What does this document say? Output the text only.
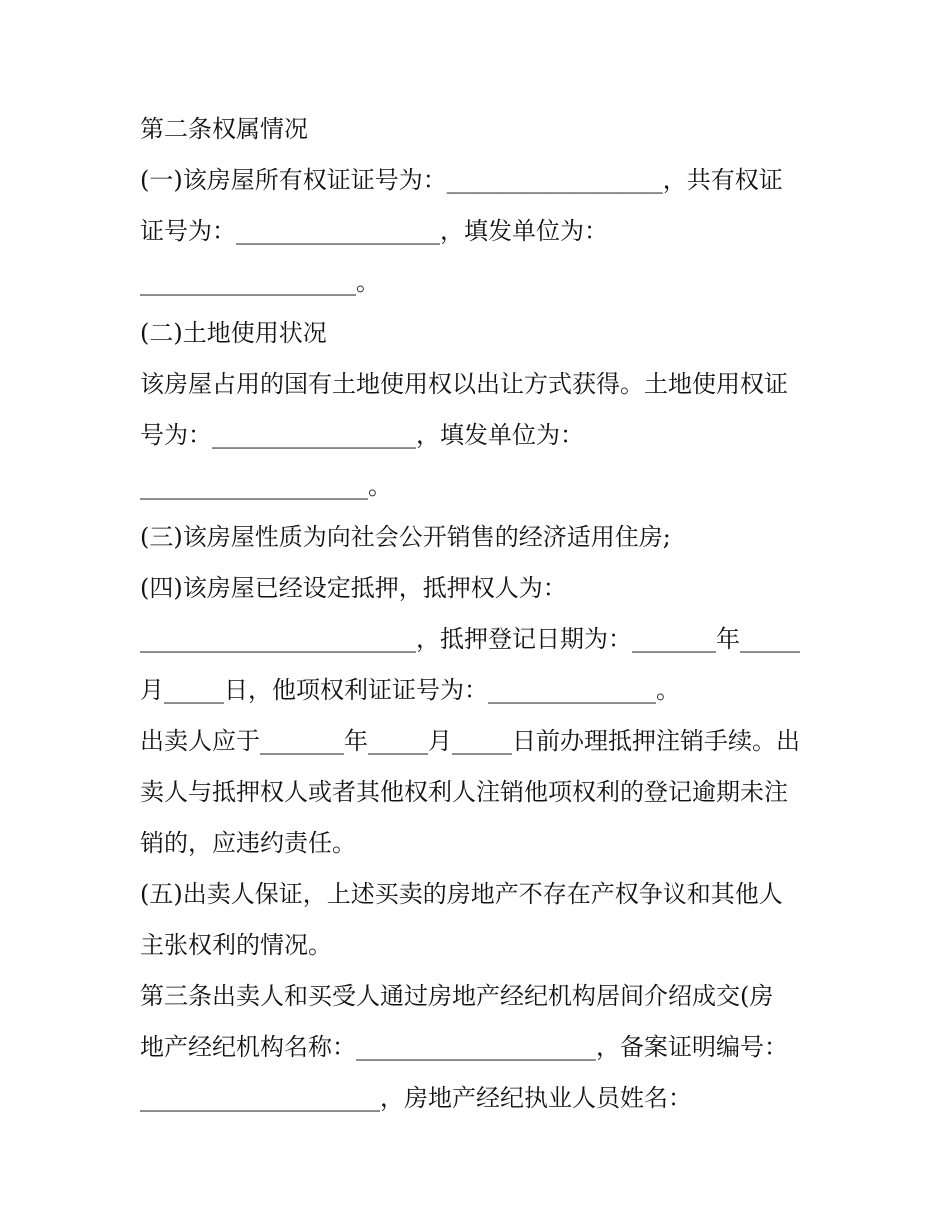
第二条权属情况
(一)该房屋所有权证证号为：__________________，共有权证
证号为：_________________，填发单位为：
__________________。
(二)土地使用状况
该房屋占用的国有土地使用权以出让方式获得。土地使用权证
号为：_________________，填发单位为：
___________________。
(三)该房屋性质为向社会公开销售的经济适用住房;
(四)该房屋已经设定抵押，抵押权人为：
_______________________，抵押登记日期为：_______年_____
月_____日，他项权利证证号为：______________。
出卖人应于_______年_____月_____日前办理抵押注销手续。出
卖人与抵押权人或者其他权利人注销他项权利的登记逾期未注
销的，应违约责任。
(五)出卖人保证，上述买卖的房地产不存在产权争议和其他人
主张权利的情况。
第三条出卖人和买受人通过房地产经纪机构居间介绍成交(房
地产经纪机构名称：____________________，备案证明编号：
____________________，房地产经纪执业人员姓名：
